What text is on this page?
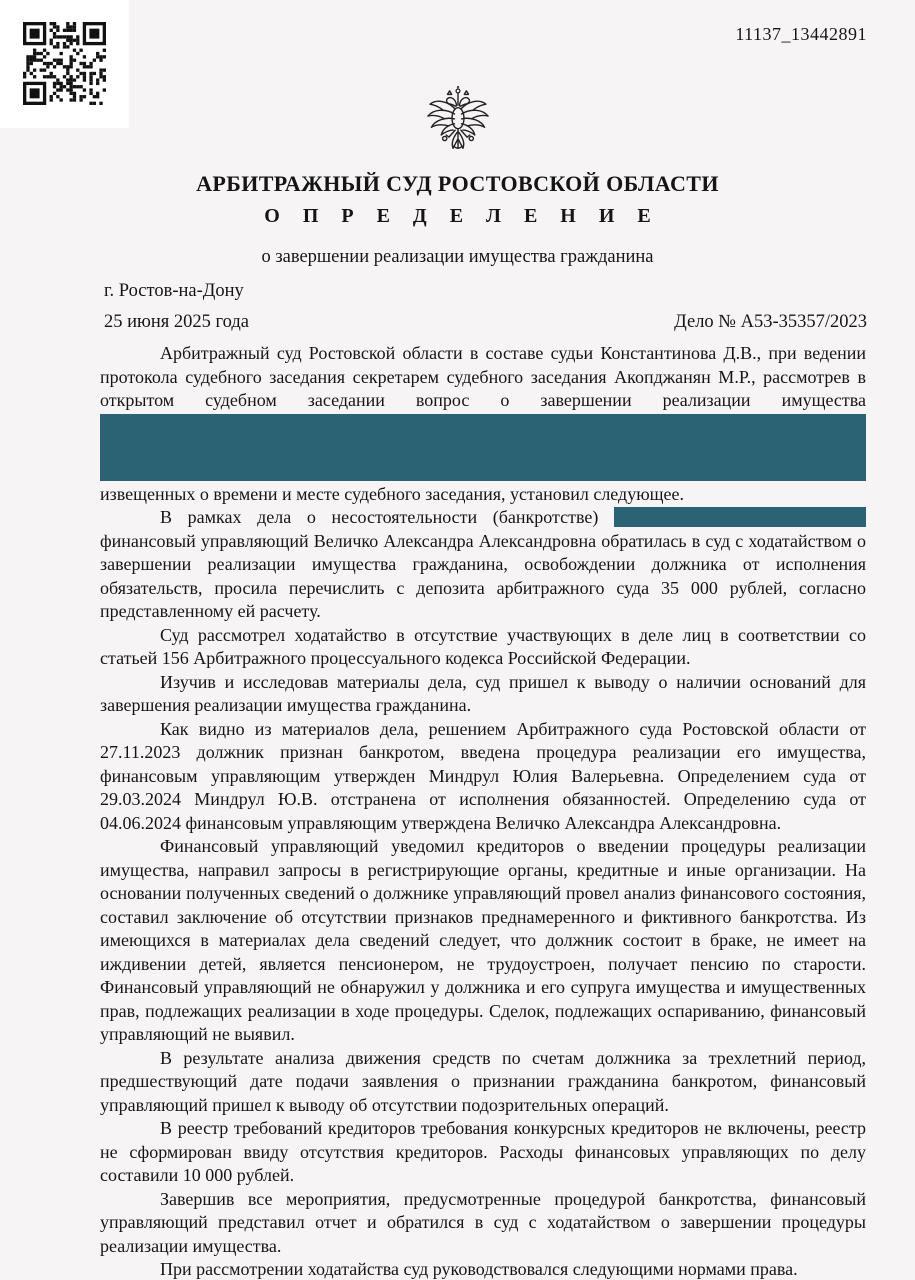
11137_13442891
АРБИТРАЖНЫЙ СУД РОСТОВСКОЙ ОБЛАСТИ
О П Р Е Д Е Л Е Н И Е
о завершении реализации имущества гражданина
г. Ростов-на-Дону
25 июня 2025 года	Дело № А53-35357/2023
Арбитражный суд Ростовской области в составе судьи Константинова Д.В., при ведении протокола судебного заседания секретарем судебного заседания Акопджанян М.Р., рассмотрев в открытом судебном заседании вопрос о завершении реализации имущества
извещенных о времени и месте судебного заседания, установил следующее.
В рамках дела о несостоятельности (банкротстве)  финансовый управляющий Величко Александра Александровна обратилась в суд с ходатайством о завершении реализации имущества гражданина, освобождении должника от исполнения обязательств, просила перечислить с депозита арбитражного суда 35 000 рублей, согласно представленному ей расчету.
Суд рассмотрел ходатайство в отсутствие участвующих в деле лиц в соответствии со статьей 156 Арбитражного процессуального кодекса Российской Федерации.
Изучив и исследовав материалы дела, суд пришел к выводу о наличии оснований для завершения реализации имущества гражданина.
Как видно из материалов дела, решением Арбитражного суда Ростовской области от 27.11.2023 должник признан банкротом, введена процедура реализации его имущества, финансовым управляющим утвержден Миндрул Юлия Валерьевна. Определением суда от 29.03.2024 Миндрул Ю.В. отстранена от исполнения обязанностей. Определению суда от 04.06.2024 финансовым управляющим утверждена Величко Александра Александровна.
Финансовый управляющий уведомил кредиторов о введении процедуры реализации имущества, направил запросы в регистрирующие органы, кредитные и иные организации. На основании полученных сведений о должнике управляющий провел анализ финансового состояния, составил заключение об отсутствии признаков преднамеренного и фиктивного банкротства. Из имеющихся в материалах дела сведений следует, что должник состоит в браке, не имеет на иждивении детей, является пенсионером, не трудоустроен, получает пенсию по старости. Финансовый управляющий не обнаружил у должника и его супруга имущества и имущественных прав, подлежащих реализации в ходе процедуры. Сделок, подлежащих оспариванию, финансовый управляющий не выявил.
В результате анализа движения средств по счетам должника за трехлетний период, предшествующий дате подачи заявления о признании гражданина банкротом, финансовый управляющий пришел к выводу об отсутствии подозрительных операций.
В реестр требований кредиторов требования конкурсных кредиторов не включены, реестр не сформирован ввиду отсутствия кредиторов. Расходы финансовых управляющих по делу составили 10 000 рублей.
Завершив все мероприятия, предусмотренные процедурой банкротства, финансовый управляющий представил отчет и обратился в суд с ходатайством о завершении процедуры реализации имущества.
При рассмотрении ходатайства суд руководствовался следующими нормами права.
